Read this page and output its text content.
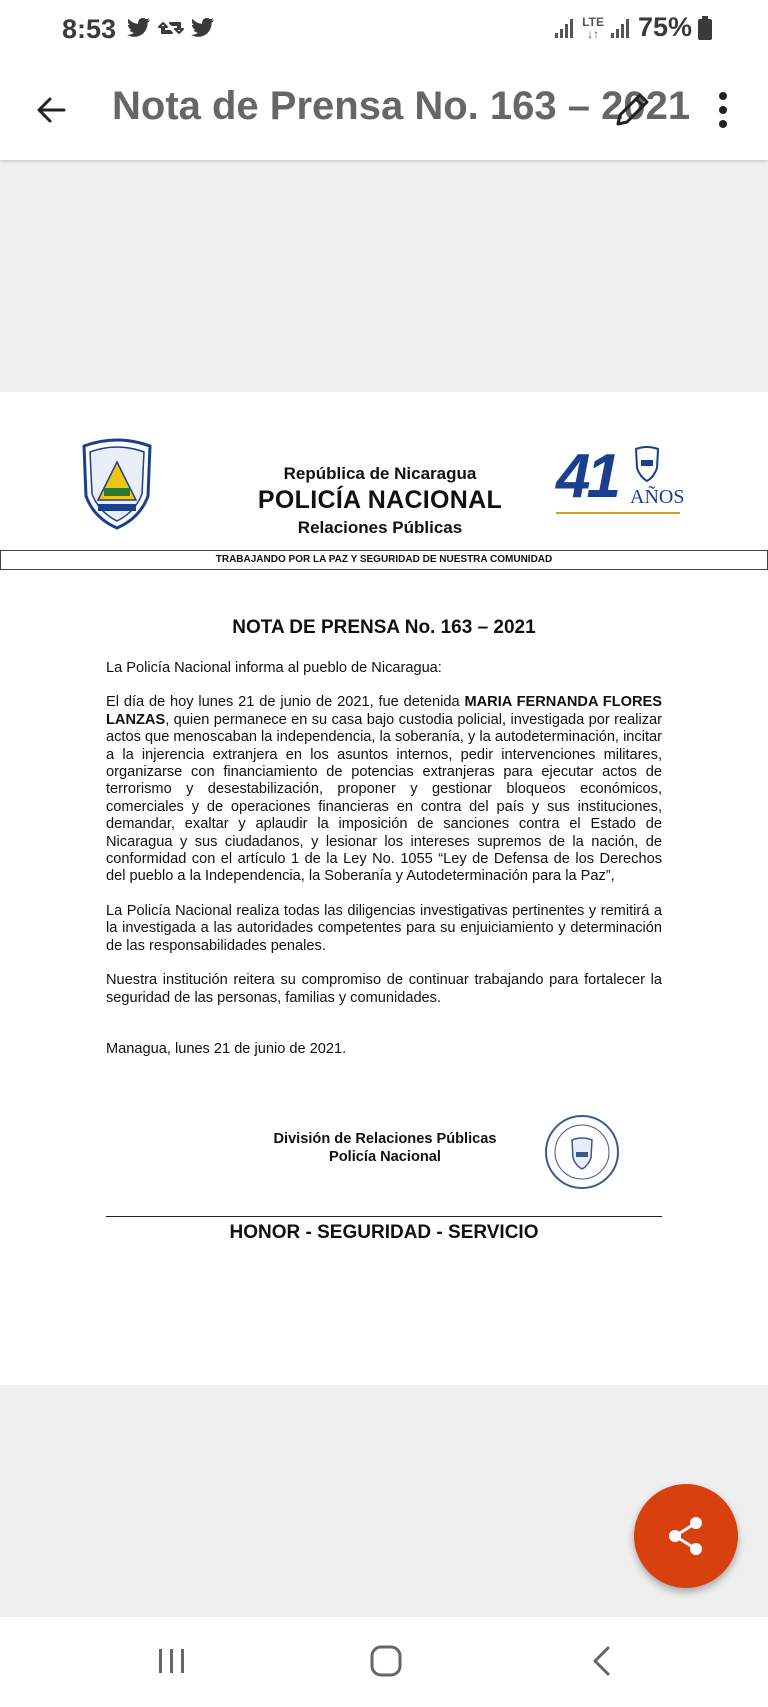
8:53	LTE
↓↑ 75%
Nota de Prensa No. 163 – 2021
República de Nicaragua
POLICÍA NACIONAL
Relaciones Públicas
41 AÑOS
TRABAJANDO POR LA PAZ Y SEGURIDAD DE NUESTRA COMUNIDAD
NOTA DE PRENSA No. 163 – 2021

La Policía Nacional informa al pueblo de Nicaragua:

El día de hoy lunes 21 de junio de 2021, fue detenida MARIA FERNANDA FLORES LANZAS, quien permanece en su casa bajo custodia policial, investigada por realizar actos que menoscaban la independencia, la soberanía, y la autodeterminación, incitar a la injerencia extranjera en los asuntos internos, pedir intervenciones militares, organizarse con financiamiento de potencias extranjeras para ejecutar actos de terrorismo y desestabilización, proponer y gestionar bloqueos económicos, comerciales y de operaciones financieras en contra del país y sus instituciones, demandar, exaltar y aplaudir la imposición de sanciones contra el Estado de Nicaragua y sus ciudadanos, y lesionar los intereses supremos de la nación, de conformidad con el artículo 1 de la Ley No. 1055 “Ley de Defensa de los Derechos del pueblo a la Independencia, la Soberanía y Autodeterminación para la Paz”,

La Policía Nacional realiza todas las diligencias investigativas pertinentes y remitirá a la investigada a las autoridades competentes para su enjuiciamiento y determinación de las responsabilidades penales.

Nuestra institución reitera su compromiso de continuar trabajando para fortalecer la seguridad de las personas, familias y comunidades.

Managua, lunes 21 de junio de 2021.

División de Relaciones Públicas
Policía Nacional
HONOR - SEGURIDAD - SERVICIO
